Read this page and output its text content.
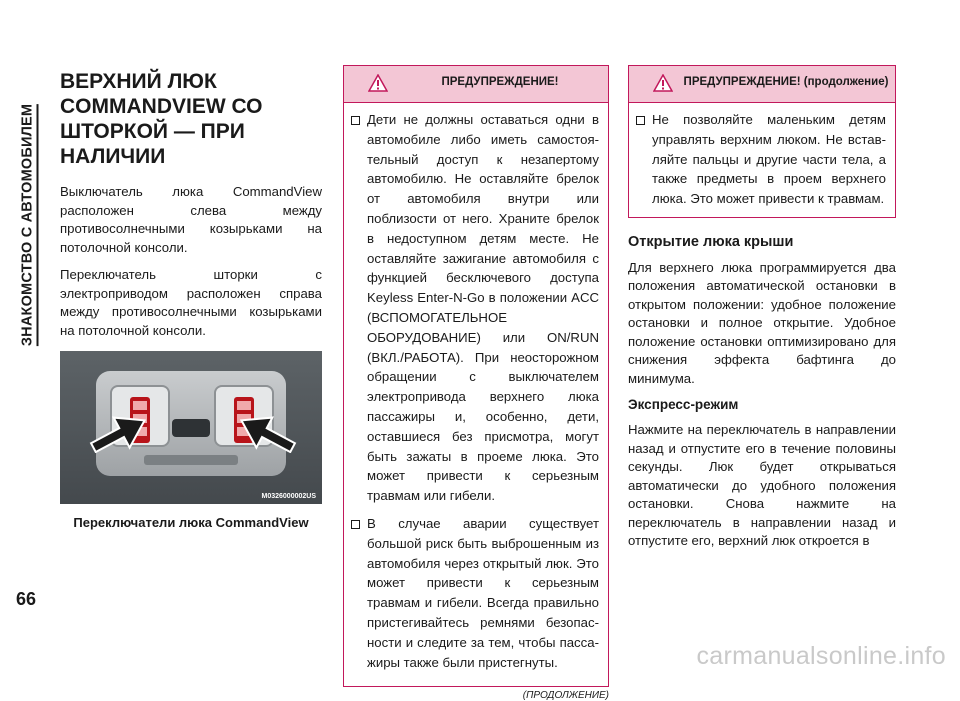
ЗНАКОМСТВО С АВТОМОБИЛЕМ
66
ВЕРХНИЙ ЛЮК COMMANDVIEW СО ШТОРКОЙ — ПРИ НАЛИЧИИ

Выключатель люка CommandView расположен слева между противосолнечными козырьками на потолочной консоли.

Переключатель шторки с электроприводом расположен справа между противосолнечными козырьками на потолочной консоли.

M0326000002US
Переключатели люка CommandView
ПРЕДУПРЕЖДЕНИЕ!
Дети не должны оставаться одни в автомобиле либо иметь самостоятельный доступ к незапертому автомобилю. Не оставляйте брелок от автомобиля внутри или поблизости от него. Храните брелок в недоступном детям месте. Не оставляйте зажигание автомобиля с функцией бесключевого доступа Keyless Enter-N-Go в положении ACC (ВСПОМОГАТЕЛЬНОЕ ОБОРУДОВАНИЕ) или ON/RUN (ВКЛ./РАБОТА). При неосторожном обращении с выключателем электропривода верхнего люка пассажиры и, особенно, дети, оставшиеся без присмотра, могут быть зажаты в проеме люка. Это может привести к серьезным травмам или гибели.
В случае аварии существует большой риск быть выброшенным из автомобиля через открытый люк. Это может привести к серьезным травмам и гибели. Всегда правильно пристегивайтесь ремнями безопасности и следите за тем, чтобы пассажиры также были пристегнуты.
(ПРОДОЛЖЕНИЕ)
ПРЕДУПРЕЖДЕНИЕ! (продолжение)
Не позволяйте маленьким детям управлять верхним люком. Не вставляйте пальцы и другие части тела, а также предметы в проем верхнего люка. Это может привести к травмам.
Открытие люка крыши

Для верхнего люка программируется два положения автоматической остановки в открытом положении: удобное положение остановки и полное открытие. Удобное положение остановки оптимизировано для снижения эффекта бафтинга до минимума.

Экспресс-режим

Нажмите на переключатель в направлении назад и отпустите его в течение половины секунды. Люк будет открываться автоматически до удобного положения остановки. Снова нажмите на переключатель в направлении назад и отпустите его, верхний люк откроется в

carmanualsonline.info
